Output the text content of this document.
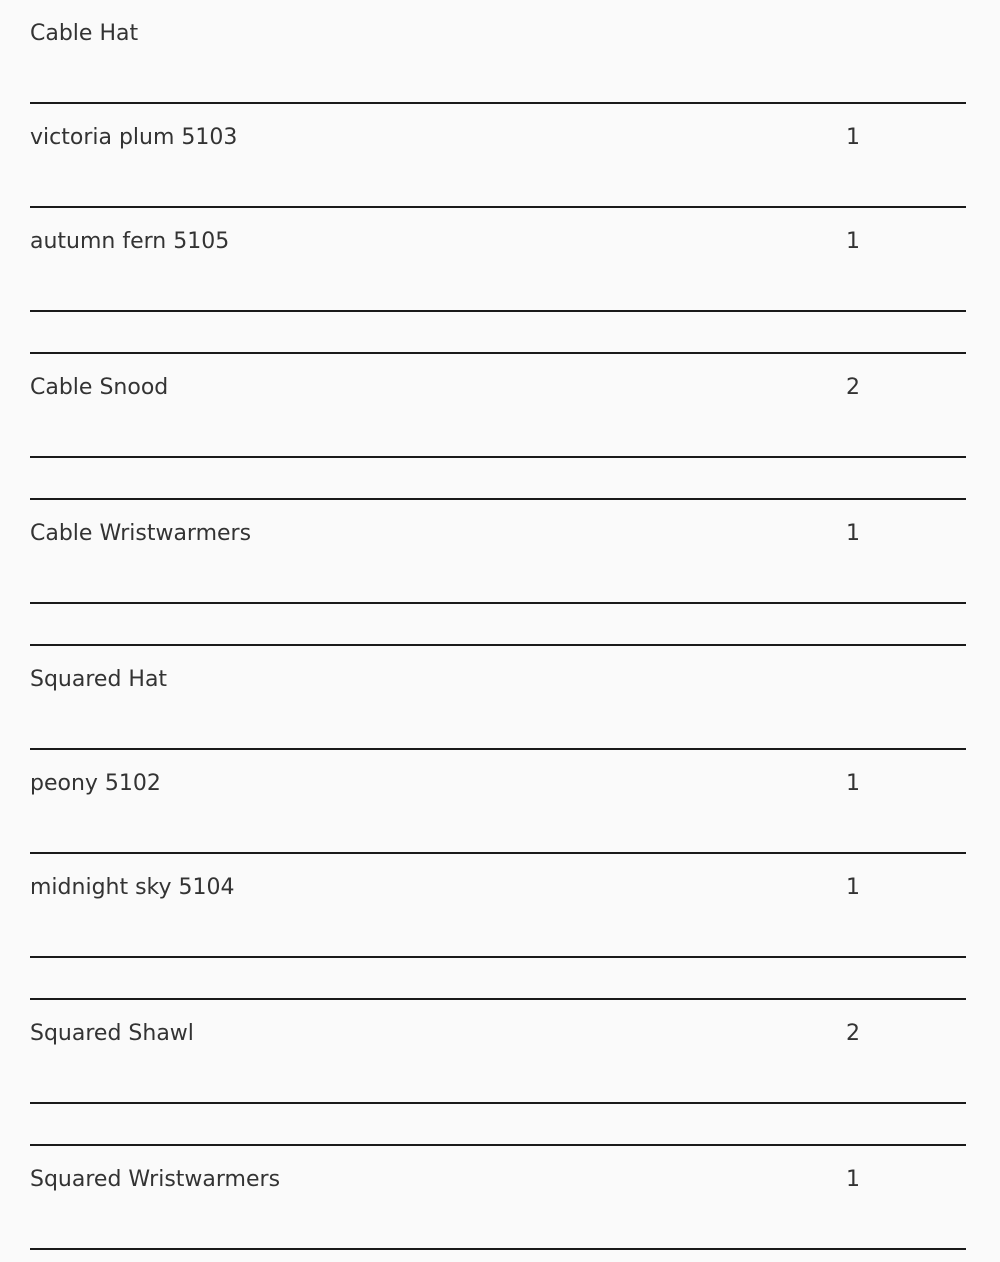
Cable Hat
victoria plum 5103	1
autumn fern 5105	1
Cable Snood	2
Cable Wristwarmers	1
Squared Hat
peony 5102	1
midnight sky 5104	1
Squared Shawl	2
Squared Wristwarmers	1
